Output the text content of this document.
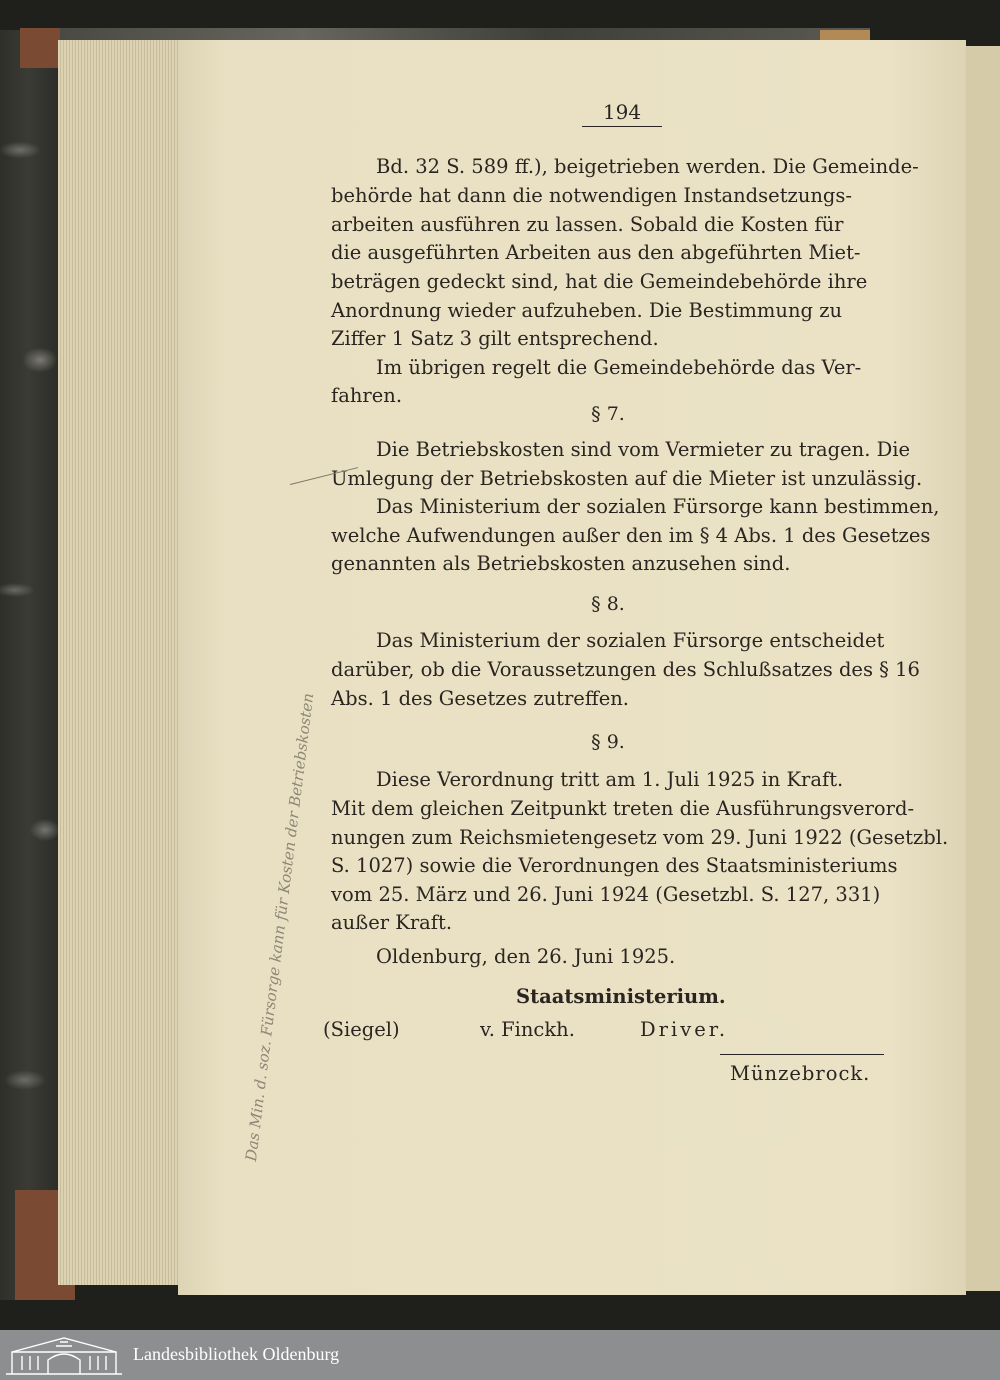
Das Min. d. soz. Fürsorge kann für Kosten der Betriebskosten
194
Bd. 32 S. 589 ff.), beigetrieben werden. Die Gemeinde-
behörde hat dann die notwendigen Instandsetzungs-
arbeiten ausführen zu lassen. Sobald die Kosten für
die ausgeführten Arbeiten aus den abgeführten Miet-
beträgen gedeckt sind, hat die Gemeindebehörde ihre
Anordnung wieder aufzuheben. Die Bestimmung zu
Ziffer 1 Satz 3 gilt entsprechend.
Im übrigen regelt die Gemeindebehörde das Ver-
fahren.
§ 7.
Die Betriebskosten sind vom Vermieter zu tragen. Die
Umlegung der Betriebskosten auf die Mieter ist unzulässig.
Das Ministerium der sozialen Fürsorge kann bestimmen,
welche Aufwendungen außer den im § 4 Abs. 1 des Gesetzes
genannten als Betriebskosten anzusehen sind.
§ 8.
Das Ministerium der sozialen Fürsorge entscheidet
darüber, ob die Voraussetzungen des Schlußsatzes des § 16
Abs. 1 des Gesetzes zutreffen.
§ 9.
Diese Verordnung tritt am 1. Juli 1925 in Kraft.
Mit dem gleichen Zeitpunkt treten die Ausführungsverord-
nungen zum Reichsmietengesetz vom 29. Juni 1922 (Gesetzbl.
S. 1027) sowie die Verordnungen des Staatsministeriums
vom 25. März und 26. Juni 1924 (Gesetzbl. S. 127, 331)
außer Kraft.
Oldenburg, den 26. Juni 1925.
Staatsministerium.
(Siegel)	v. Finckh.	Driver.
Münzebrock.
Landesbibliothek Oldenburg
